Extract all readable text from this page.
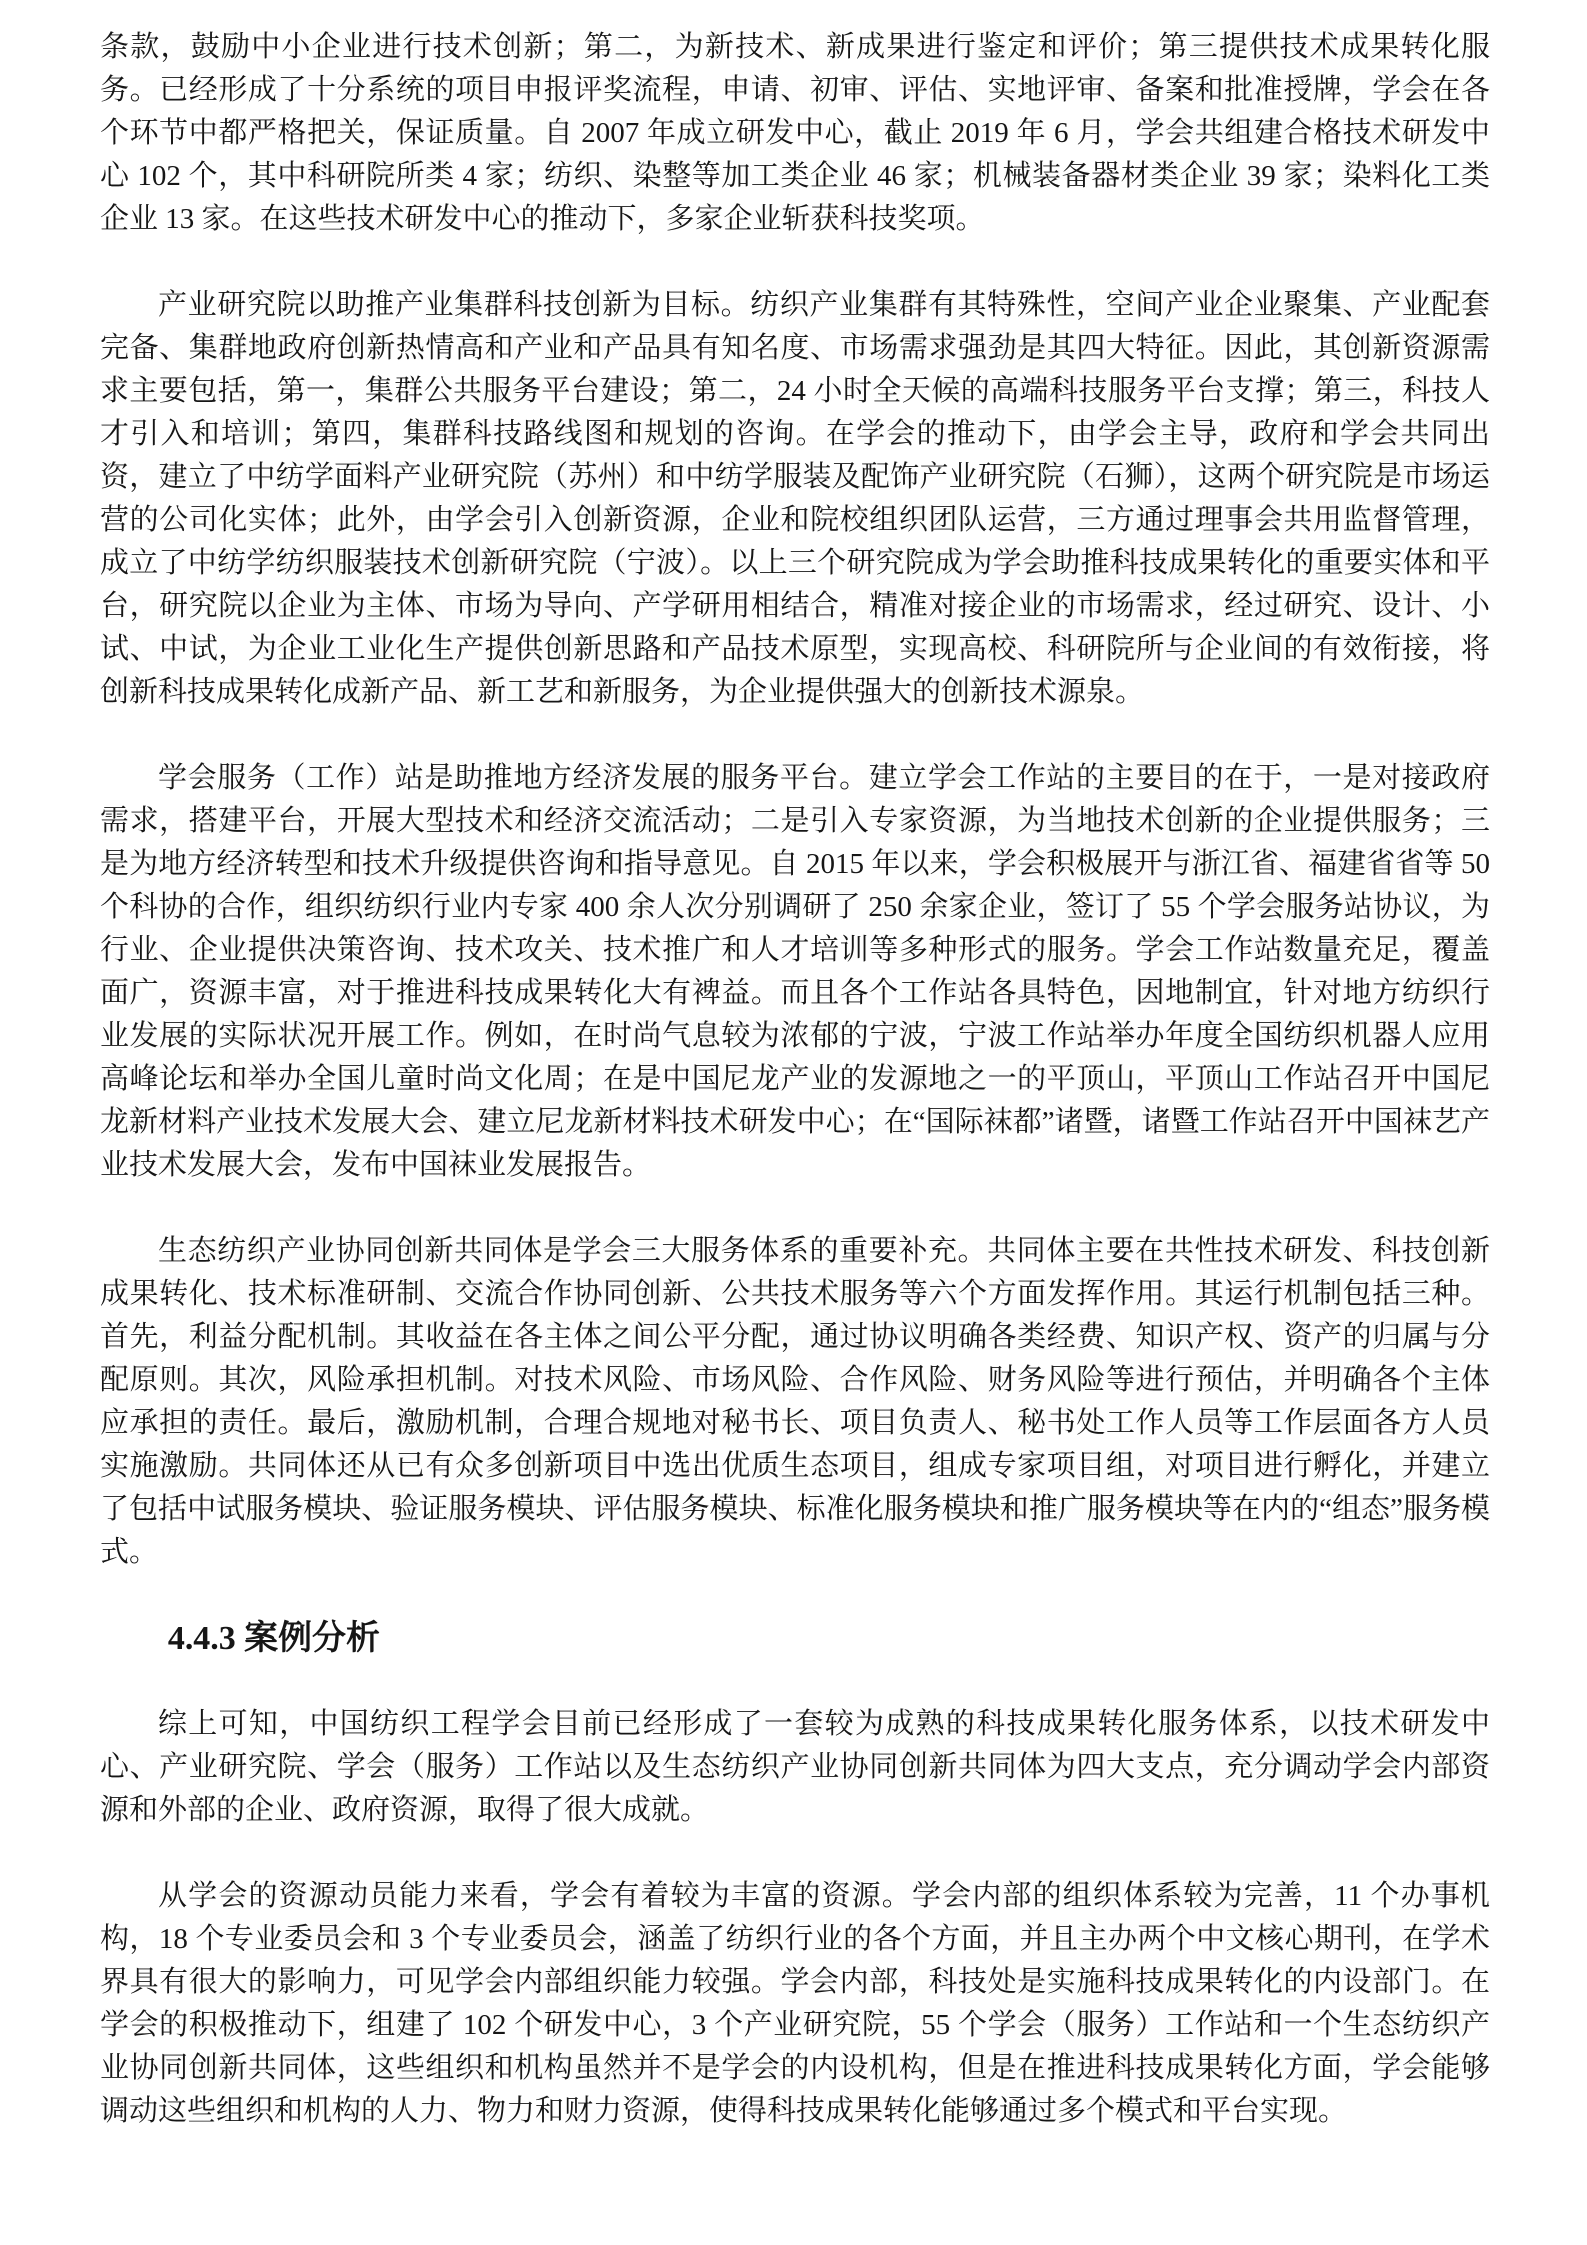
条款，鼓励中小企业进行技术创新；第二，为新技术、新成果进行鉴定和评价；第三提供技术成果转化服务。已经形成了十分系统的项目申报评奖流程，申请、初审、评估、实地评审、备案和批准授牌，学会在各个环节中都严格把关，保证质量。自 2007 年成立研发中心，截止 2019 年 6 月，学会共组建合格技术研发中心 102 个，其中科研院所类 4 家；纺织、染整等加工类企业 46 家；机械装备器材类企业 39 家；染料化工类企业 13 家。在这些技术研发中心的推动下，多家企业斩获科技奖项。

产业研究院以助推产业集群科技创新为目标。纺织产业集群有其特殊性，空间产业企业聚集、产业配套完备、集群地政府创新热情高和产业和产品具有知名度、市场需求强劲是其四大特征。因此，其创新资源需求主要包括，第一，集群公共服务平台建设；第二，24 小时全天候的高端科技服务平台支撑；第三，科技人才引入和培训；第四，集群科技路线图和规划的咨询。在学会的推动下，由学会主导，政府和学会共同出资，建立了中纺学面料产业研究院（苏州）和中纺学服装及配饰产业研究院（石狮），这两个研究院是市场运营的公司化实体；此外，由学会引入创新资源，企业和院校组织团队运营，三方通过理事会共用监督管理，成立了中纺学纺织服装技术创新研究院（宁波）。以上三个研究院成为学会助推科技成果转化的重要实体和平台，研究院以企业为主体、市场为导向、产学研用相结合，精准对接企业的市场需求，经过研究、设计、小试、中试，为企业工业化生产提供创新思路和产品技术原型，实现高校、科研院所与企业间的有效衔接，将创新科技成果转化成新产品、新工艺和新服务，为企业提供强大的创新技术源泉。

学会服务（工作）站是助推地方经济发展的服务平台。建立学会工作站的主要目的在于，一是对接政府需求，搭建平台，开展大型技术和经济交流活动；二是引入专家资源，为当地技术创新的企业提供服务；三是为地方经济转型和技术升级提供咨询和指导意见。自 2015 年以来，学会积极展开与浙江省、福建省省等 50 个科协的合作，组织纺织行业内专家 400 余人次分别调研了 250 余家企业，签订了 55 个学会服务站协议，为行业、企业提供决策咨询、技术攻关、技术推广和人才培训等多种形式的服务。学会工作站数量充足，覆盖面广，资源丰富，对于推进科技成果转化大有裨益。而且各个工作站各具特色，因地制宜，针对地方纺织行业发展的实际状况开展工作。例如，在时尚气息较为浓郁的宁波，宁波工作站举办年度全国纺织机器人应用高峰论坛和举办全国儿童时尚文化周；在是中国尼龙产业的发源地之一的平顶山，平顶山工作站召开中国尼龙新材料产业技术发展大会、建立尼龙新材料技术研发中心；在“国际袜都”诸暨，诸暨工作站召开中国袜艺产业技术发展大会，发布中国袜业发展报告。

生态纺织产业协同创新共同体是学会三大服务体系的重要补充。共同体主要在共性技术研发、科技创新成果转化、技术标准研制、交流合作协同创新、公共技术服务等六个方面发挥作用。其运行机制包括三种。首先，利益分配机制。其收益在各主体之间公平分配，通过协议明确各类经费、知识产权、资产的归属与分配原则。其次，风险承担机制。对技术风险、市场风险、合作风险、财务风险等进行预估，并明确各个主体应承担的责任。最后，激励机制，合理合规地对秘书长、项目负责人、秘书处工作人员等工作层面各方人员实施激励。共同体还从已有众多创新项目中选出优质生态项目，组成专家项目组，对项目进行孵化，并建立了包括中试服务模块、验证服务模块、评估服务模块、标准化服务模块和推广服务模块等在内的“组态”服务模式。

4.4.3 案例分析

综上可知，中国纺织工程学会目前已经形成了一套较为成熟的科技成果转化服务体系，以技术研发中心、产业研究院、学会（服务）工作站以及生态纺织产业协同创新共同体为四大支点，充分调动学会内部资源和外部的企业、政府资源，取得了很大成就。

从学会的资源动员能力来看，学会有着较为丰富的资源。学会内部的组织体系较为完善，11 个办事机构，18 个专业委员会和 3 个专业委员会，涵盖了纺织行业的各个方面，并且主办两个中文核心期刊，在学术界具有很大的影响力，可见学会内部组织能力较强。学会内部，科技处是实施科技成果转化的内设部门。在学会的积极推动下，组建了 102 个研发中心，3 个产业研究院，55 个学会（服务）工作站和一个生态纺织产业协同创新共同体，这些组织和机构虽然并不是学会的内设机构，但是在推进科技成果转化方面，学会能够调动这些组织和机构的人力、物力和财力资源，使得科技成果转化能够通过多个模式和平台实现。
